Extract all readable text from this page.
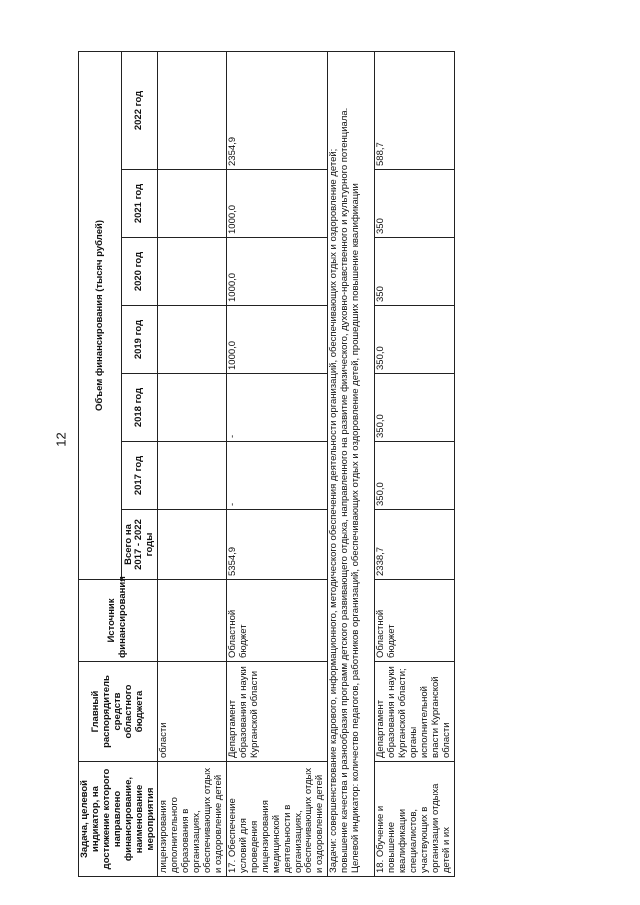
12
Задача, целевой индикатор, на достижение которого направлено финансирование, наименование мероприятия	Главный распорядитель средств областного бюджета	Источник финансирования	Объем финансирования (тысяч рублей)						
			Всего на 2017 - 2022 годы	2017 год	2018 год	2019 год	2020 год	2021 год	2022 год
лицензирования дополнительного образования в организациях, обеспечивающих отдых и оздоровление детей	области								
17. Обеспечение условий для проведения лицензирования медицинской деятельности в организациях, обеспечивающих отдых и оздоровление детей	Департамент образования и науки Курганской области	Областной бюджет	5354,9	-	-	1000,0	1000,0	1000,0	2354,9

Задачи: совершенствование кадрового, информационного, методического обеспечения деятельности организаций, обеспечивающих отдых и оздоровление детей; повышение качества и разнообразия программ детского развивающего отдыха, направленного на развитие физического, духовно-нравственного и культурного потенциала. Целевой индикатор: количество педагогов, работников организаций, обеспечивающих отдых и оздоровление детей, прошедших повышение квалификации									

18. Обучение и повышение квалификации специалистов, участвующих в организации отдыха детей и их	Департамент образования и науки Курганской области; органы исполнительной власти Курганской области	Областной бюджет	2338,7	350,0	350,0	350,0	350	350	588,7
